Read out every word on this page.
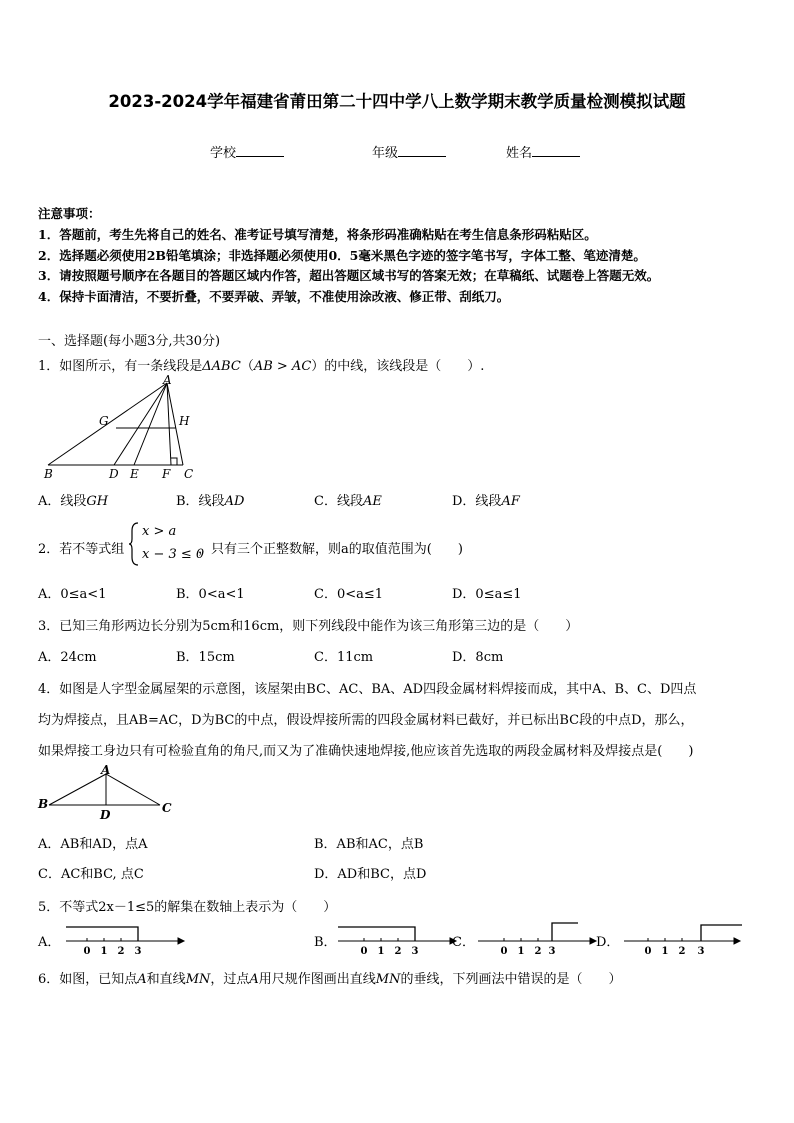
2023-2024学年福建省莆田第二十四中学八上数学期末教学质量检测模拟试题
学校	年级	姓名
注意事项：
1．答题前，考生先将自己的姓名、准考证号填写清楚，将条形码准确粘贴在考生信息条形码粘贴区。
2．选择题必须使用2B铅笔填涂；非选择题必须使用0．5毫米黑色字迹的签字笔书写，字体工整、笔迹清楚。
3．请按照题号顺序在各题目的答题区域内作答，超出答题区域书写的答案无效；在草稿纸、试题卷上答题无效。
4．保持卡面清洁，不要折叠，不要弄破、弄皱，不准使用涂改液、修正带、刮纸刀。
一、选择题(每小题3分,共30分)
1．如图所示，有一条线段是ΔABC（AB > AC）的中线，该线段是（　　）.
A
G	H
B	D E F C
A．线段GH	B．线段AD	C．线段AE	D．线段AF
2．若不等式组
x > a
x − 3 ≤ 0
，只有三个正整数解，则a的取值范围为(　　)
A．0≤a<1	B．0<a<1	C．0<a≤1	D．0≤a≤1
3．已知三角形两边长分别为5cm和16cm，则下列线段中能作为该三角形第三边的是（　　）
A．24cm	B．15cm	C．11cm	D．8cm
4．如图是人字型金属屋架的示意图，该屋架由BC、AC、BA、AD四段金属材料焊接而成，其中A、B、C、D四点
均为焊接点，且AB=AC，D为BC的中点，假设焊接所需的四段金属材料已截好，并已标出BC段的中点D，那么，
如果焊接工身边只有可检验直角的角尺,而又为了准确快速地焊接,他应该首先选取的两段金属材料及焊接点是(　　)
A
B	C
D
A．AB和AD，点A	B．AB和AC，点B
C．AC和BC, 点C	D．AD和BC，点D
5．不等式2x－1≤5的解集在数轴上表示为（　　）
A．
0 1 2 3
B．
0 1 2 3
C．
0 1 2 3
D．
0 1 2 3
6．如图，已知点A和直线MN，过点A用尺规作图画出直线MN的垂线，下列画法中错误的是（　　）
